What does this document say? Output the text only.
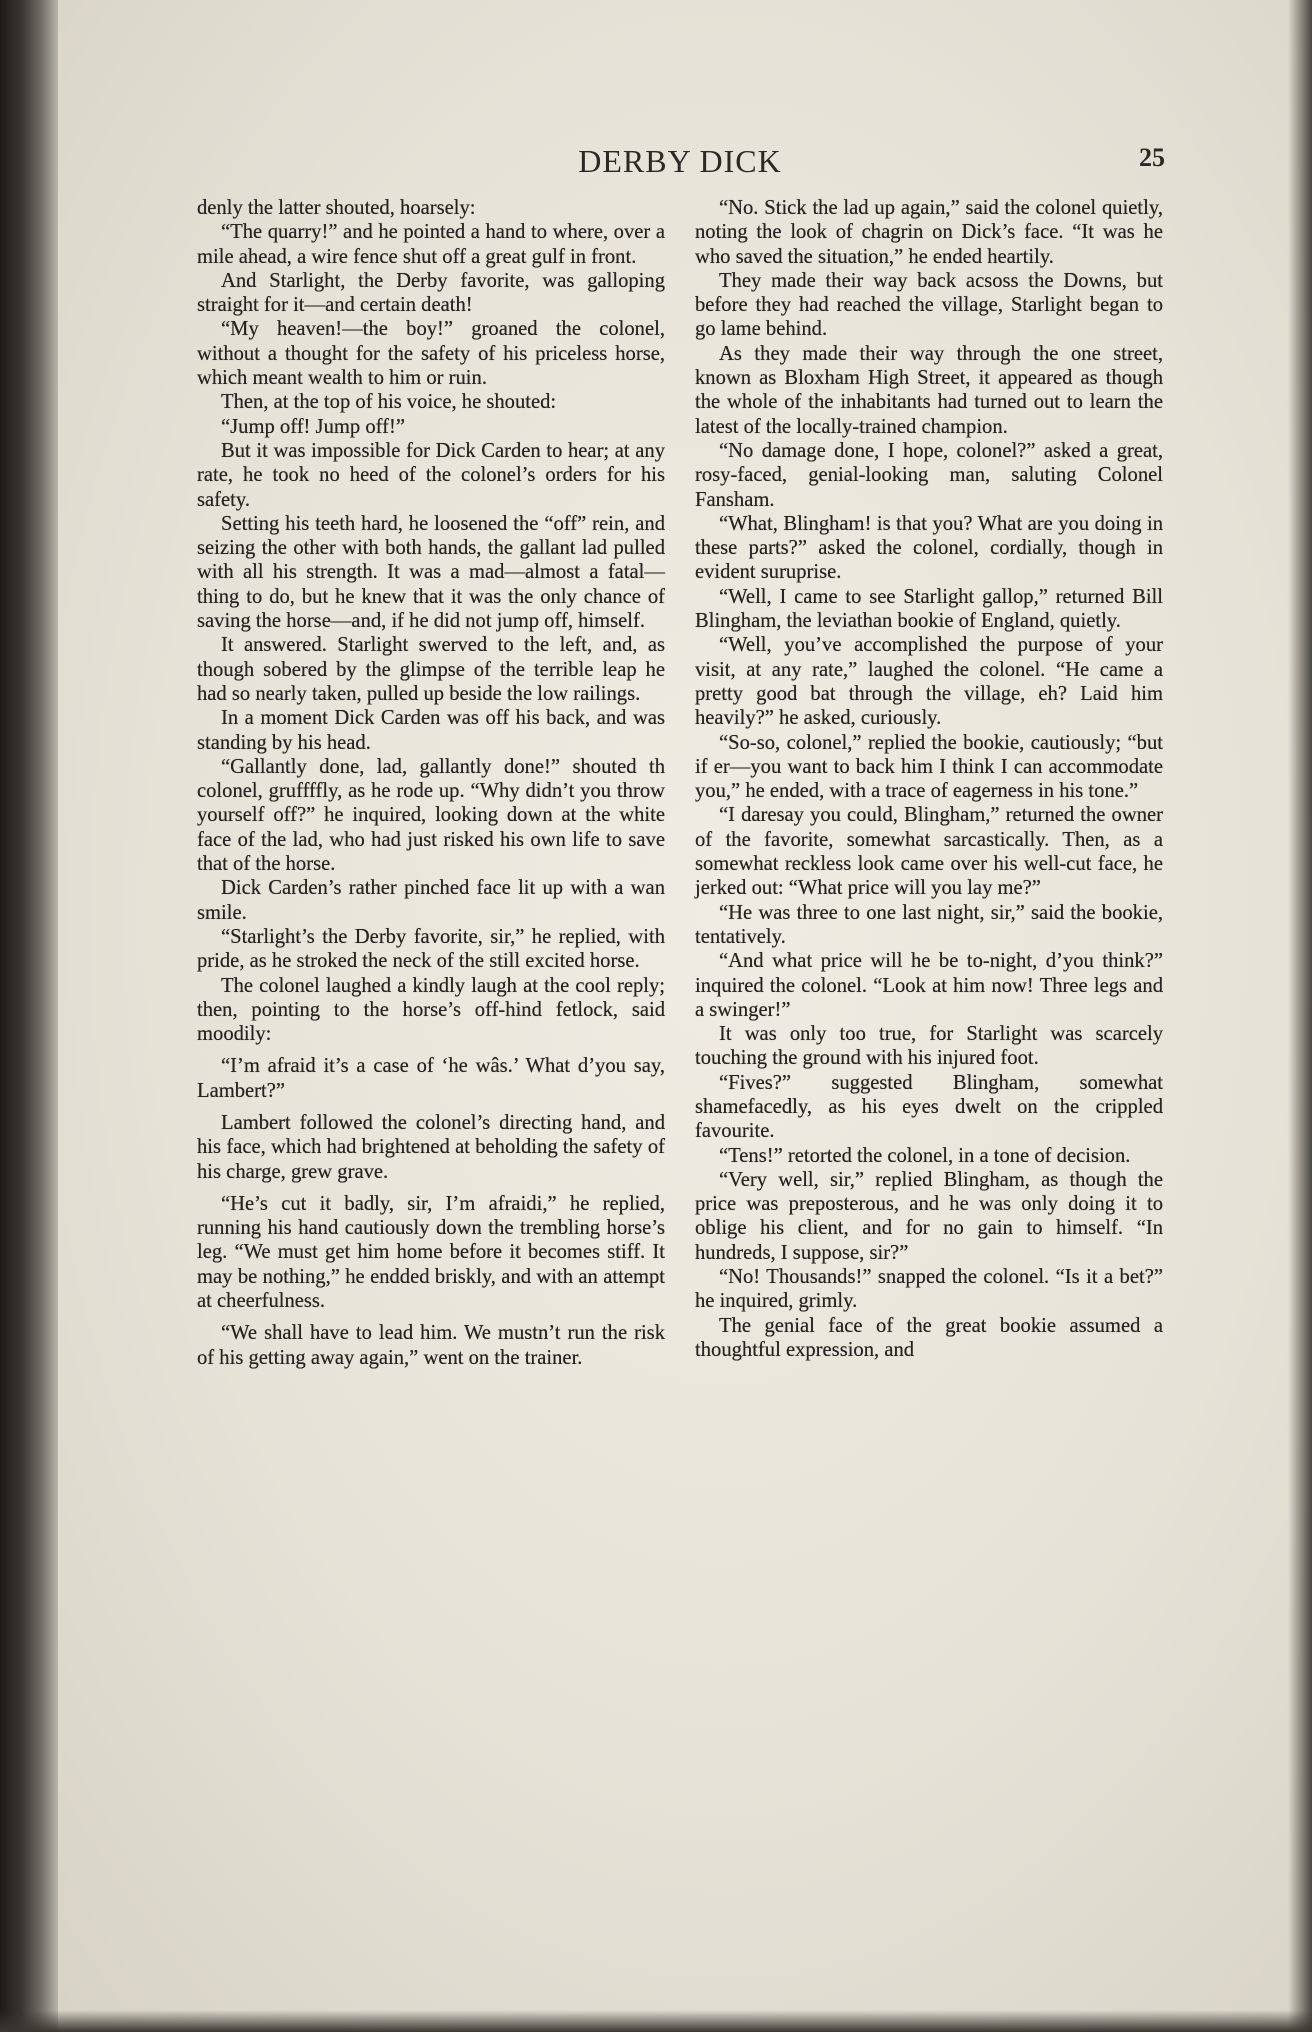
DERBY DICK	25

denly the latter shouted, hoarsely:

“The quarry!” and he pointed a hand to where, over a mile ahead, a wire fence shut off a great gulf in front.

And Starlight, the Derby favorite, was galloping straight for it—and certain death!

“My heaven!—the boy!” groaned the colonel, without a thought for the safety of his priceless horse, which meant wealth to him or ruin.

Then, at the top of his voice, he shouted:

“Jump off! Jump off!”

But it was impossible for Dick Carden to hear; at any rate, he took no heed of the colonel’s orders for his safety.

Setting his teeth hard, he loosened the “off” rein, and seizing the other with both hands, the gallant lad pulled with all his strength. It was a mad—almost a fatal—thing to do, but he knew that it was the only chance of saving the horse—and, if he did not jump off, himself.

It answered. Starlight swerved to the left, and, as though sobered by the glimpse of the terrible leap he had so nearly taken, pulled up beside the low railings.

In a moment Dick Carden was off his back, and was standing by his head.

“Gallantly done, lad, gallantly done!” shouted th colonel, gruffffly, as he rode up. “Why didn’t you throw yourself off?” he inquired, looking down at the white face of the lad, who had just risked his own life to save that of the horse.

Dick Carden’s rather pinched face lit up with a wan smile.

“Starlight’s the Derby favorite, sir,” he replied, with pride, as he stroked the neck of the still excited horse.

The colonel laughed a kindly laugh at the cool reply; then, pointing to the horse’s off-hind fetlock, said moodily:

“I’m afraid it’s a case of ‘he wâs.’ What d’you say, Lambert?”

Lambert followed the colonel’s directing hand, and his face, which had brightened at beholding the safety of his charge, grew grave.

“He’s cut it badly, sir, I’m afraidi,” he replied, running his hand cautiously down the trembling horse’s leg. “We must get him home before it becomes stiff. It may be nothing,” he endded briskly, and with an attempt at cheerfulness.

“We shall have to lead him. We mustn’t run the risk of his getting away again,” went on the trainer.

“No. Stick the lad up again,” said the colonel quietly, noting the look of chagrin on Dick’s face. “It was he who saved the situation,” he ended heartily.

They made their way back acsoss the Downs, but before they had reached the village, Starlight began to go lame behind.

As they made their way through the one street, known as Bloxham High Street, it appeared as though the whole of the inhabitants had turned out to learn the latest of the locally-trained champion.

“No damage done, I hope, colonel?” asked a great, rosy-faced, genial-looking man, saluting Colonel Fansham.

“What, Blingham! is that you? What are you doing in these parts?” asked the colonel, cordially, though in evident suruprise.

“Well, I came to see Starlight gallop,” returned Bill Blingham, the leviathan bookie of England, quietly.

“Well, you’ve accomplished the purpose of your visit, at any rate,” laughed the colonel. “He came a pretty good bat through the village, eh? Laid him heavily?” he asked, curiously.

“So-so, colonel,” replied the bookie, cautiously; “but if er—you want to back him I think I can accommodate you,” he ended, with a trace of eagerness in his tone.”

“I daresay you could, Blingham,” returned the owner of the favorite, somewhat sarcastically. Then, as a somewhat reckless look came over his well-cut face, he jerked out: “What price will you lay me?”

“He was three to one last night, sir,” said the bookie, tentatively.

“And what price will he be to-night, d’you think?” inquired the colonel. “Look at him now! Three legs and a swinger!”

It was only too true, for Starlight was scarcely touching the ground with his injured foot.

“Fives?” suggested Blingham, somewhat shamefacedly, as his eyes dwelt on the crippled favourite.

“Tens!” retorted the colonel, in a tone of decision.

“Very well, sir,” replied Blingham, as though the price was preposterous, and he was only doing it to oblige his client, and for no gain to himself. “In hundreds, I suppose, sir?”

“No! Thousands!” snapped the colonel. “Is it a bet?” he inquired, grimly.

The genial face of the great bookie assumed a thoughtful expression, and
